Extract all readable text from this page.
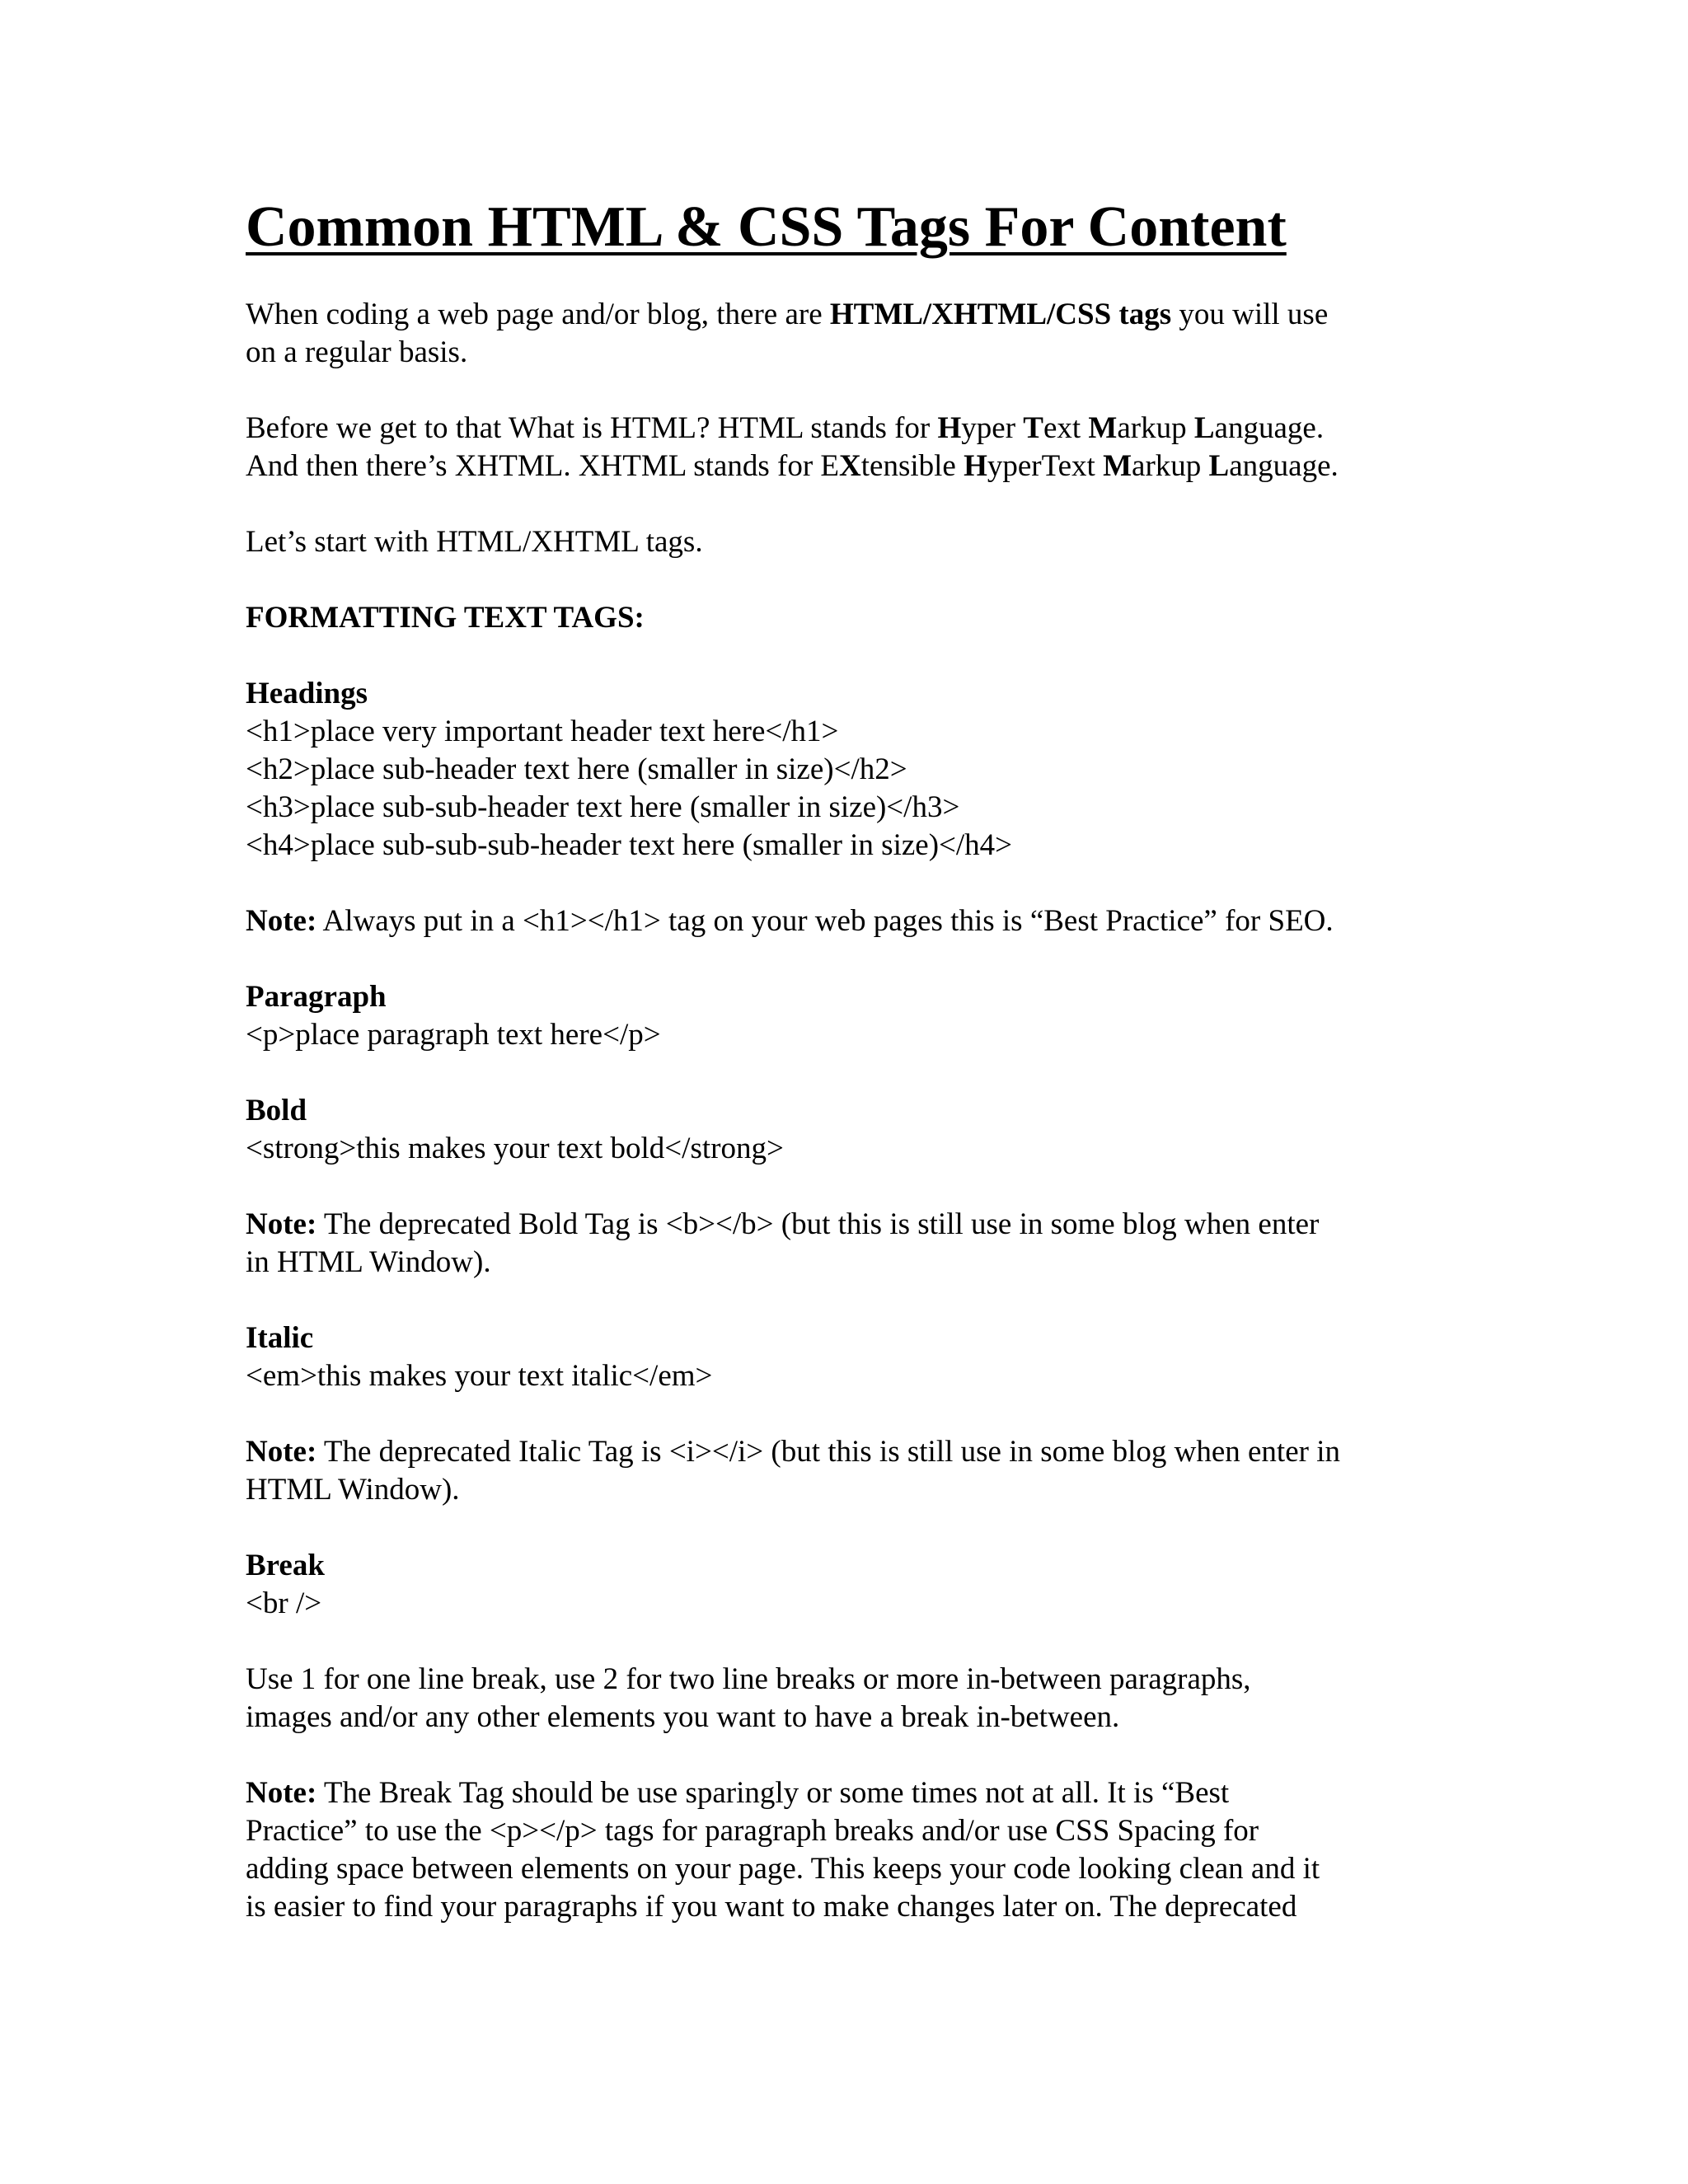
Common HTML & CSS Tags For Content
When coding a web page and/or blog, there are HTML/XHTML/CSS tags you will use
on a regular basis.
Before we get to that What is HTML? HTML stands for Hyper Text Markup Language.
And then there’s XHTML. XHTML stands for EXtensible HyperText Markup Language.
Let’s start with HTML/XHTML tags.
FORMATTING TEXT TAGS:
Headings
<h1>place very important header text here</h1>
<h2>place sub-header text here (smaller in size)</h2>
<h3>place sub-sub-header text here (smaller in size)</h3>
<h4>place sub-sub-sub-header text here (smaller in size)</h4>
Note: Always put in a <h1></h1> tag on your web pages this is “Best Practice” for SEO.
Paragraph
<p>place paragraph text here</p>
Bold
<strong>this makes your text bold</strong>
Note: The deprecated Bold Tag is <b></b> (but this is still use in some blog when enter
in HTML Window).
Italic
<em>this makes your text italic</em>
Note: The deprecated Italic Tag is <i></i> (but this is still use in some blog when enter in
HTML Window).
Break
<br />
Use 1 for one line break, use 2 for two line breaks or more in-between paragraphs,
images and/or any other elements you want to have a break in-between.
Note: The Break Tag should be use sparingly or some times not at all. It is “Best
Practice” to use the <p></p> tags for paragraph breaks and/or use CSS Spacing for
adding space between elements on your page. This keeps your code looking clean and it
is easier to find your paragraphs if you want to make changes later on. The deprecated
